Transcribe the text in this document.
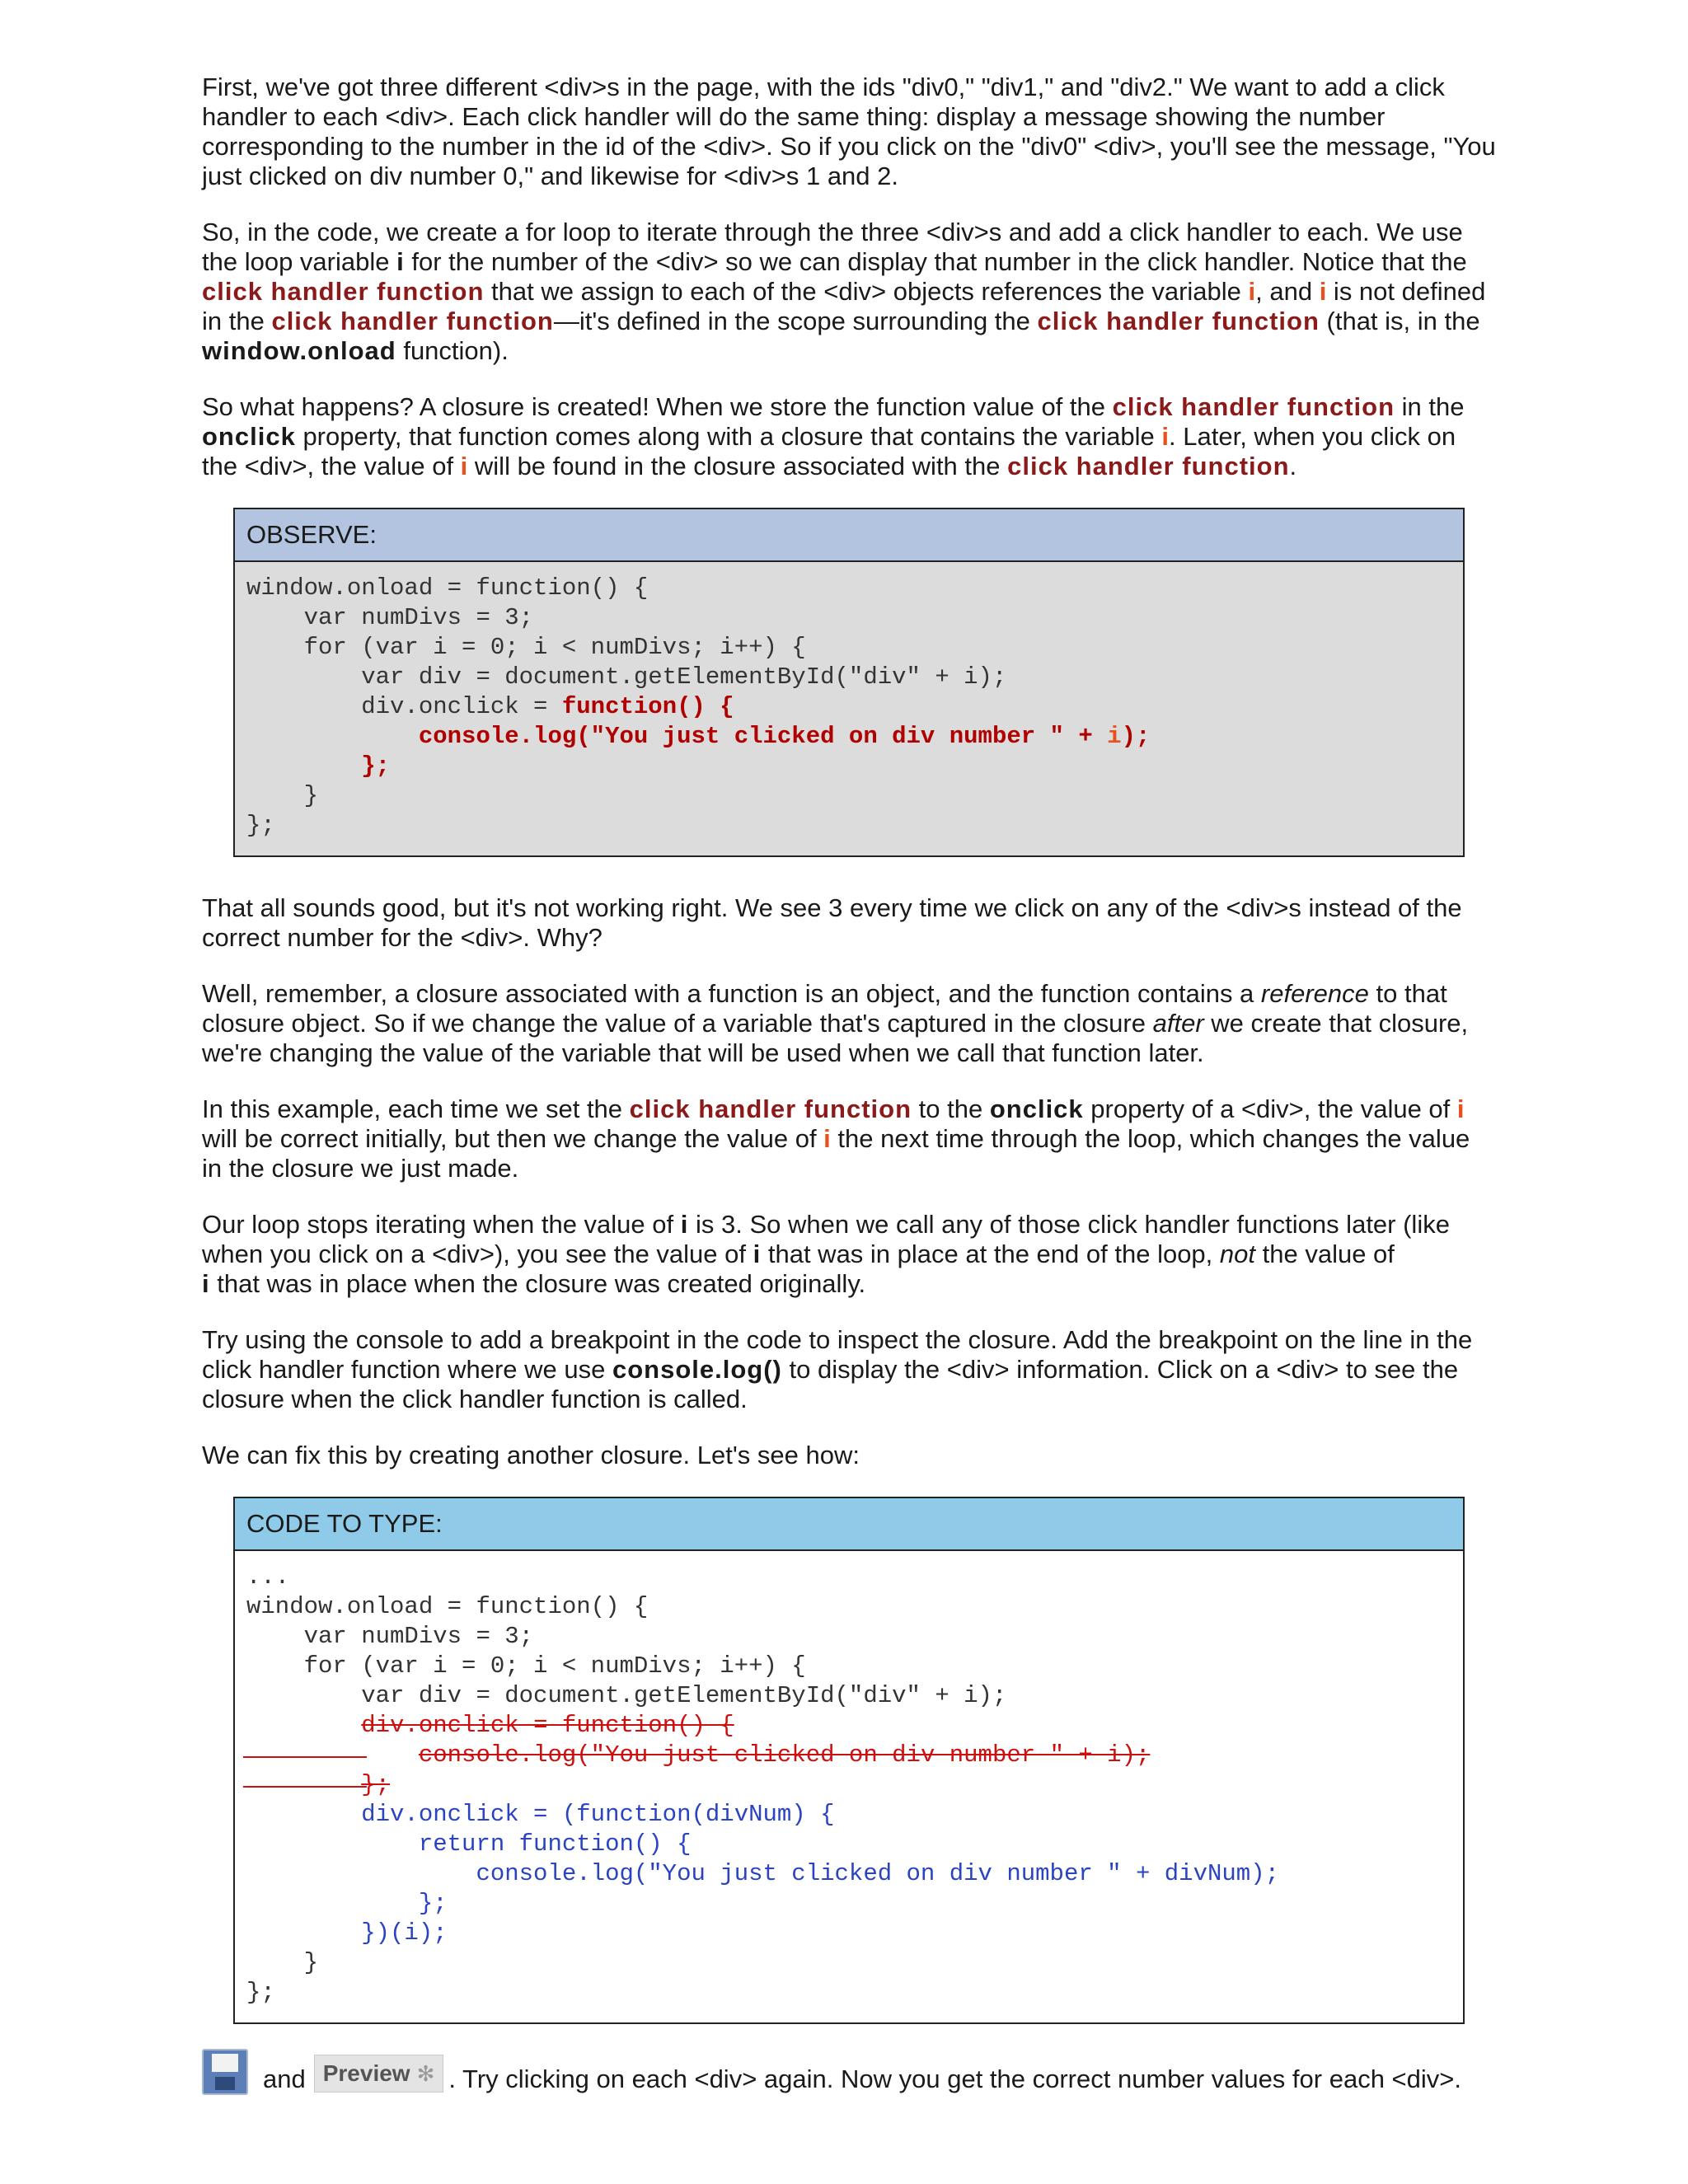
First, we've got three different <div>s in the page, with the ids "div0," "div1," and "div2." We want to add a click handler to each <div>. Each click handler will do the same thing: display a message showing the number corresponding to the number in the id of the <div>. So if you click on the "div0" <div>, you'll see the message, "You just clicked on div number 0," and likewise for <div>s 1 and 2.

So, in the code, we create a for loop to iterate through the three <div>s and add a click handler to each. We use the loop variable i for the number of the <div> so we can display that number in the click handler. Notice that the click handler function that we assign to each of the <div> objects references the variable i, and i is not defined in the click handler function—it's defined in the scope surrounding the click handler function (that is, in the window.onload function).

So what happens? A closure is created! When we store the function value of the click handler function in the onclick property, that function comes along with a closure that contains the variable i. Later, when you click on the <div>, the value of i will be found in the closure associated with the click handler function.

OBSERVE:
window.onload = function() {
var numDivs = 3;
for (var i = 0; i < numDivs; i++) {
var div = document.getElementById("div" + i);
div.onclick = function() {
console.log("You just clicked on div number " + i);
};
}
};

That all sounds good, but it's not working right. We see 3 every time we click on any of the <div>s instead of the correct number for the <div>. Why?

Well, remember, a closure associated with a function is an object, and the function contains a reference to that closure object. So if we change the value of a variable that's captured in the closure after we create that closure, we're changing the value of the variable that will be used when we call that function later.

In this example, each time we set the click handler function to the onclick property of a <div>, the value of i will be correct initially, but then we change the value of i the next time through the loop, which changes the value in the closure we just made.

Our loop stops iterating when the value of i is 3. So when we call any of those click handler functions later (like when you click on a <div>), you see the value of i that was in place at the end of the loop, not the value of
i that was in place when the closure was created originally.

Try using the console to add a breakpoint in the code to inspect the closure. Add the breakpoint on the line in the click handler function where we use console.log() to display the <div> information. Click on a <div> to see the closure when the click handler function is called.

We can fix this by creating another closure. Let's see how:

CODE TO TYPE:
...
window.onload = function() {
var numDivs = 3;
for (var i = 0; i < numDivs; i++) {
var div = document.getElementById("div" + i);
div.onclick = function() {
console.log("You just clicked on div number " + i);
};
div.onclick = (function(divNum) {
return function() {
console.log("You just clicked on div number " + divNum);
};
})(i);
}
};
and Preview ✻ . Try clicking on each <div> again. Now you get the correct number values for each <div>.
